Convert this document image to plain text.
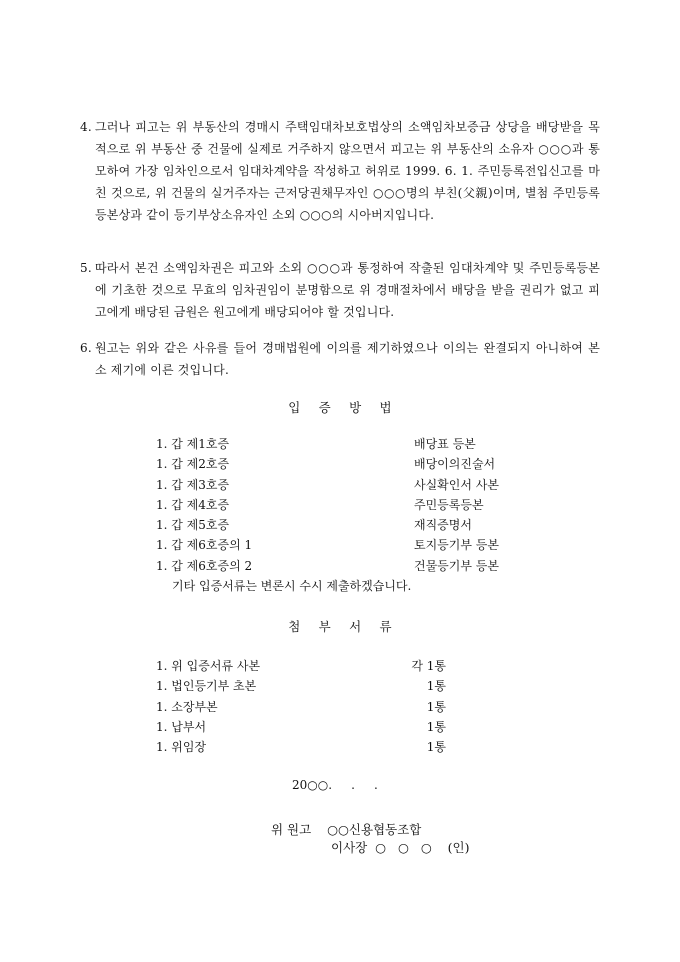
4. 그러나 피고는 위 부동산의 경매시 주택임대차보호법상의 소액임차보증금 상당을 배당받을 목적으로 위 부동산 중 건물에 실제로 거주하지 않으면서 피고는 위 부동산의 소유자 ○○○과 통모하여 가장 임차인으로서 임대차계약을 작성하고 허위로 1999. 6. 1. 주민등록전입신고를 마친 것으로, 위 건물의 실거주자는 근저당권채무자인 ○○○명의 부친(父親)이며, 별첨 주민등록등본상과 같이 등기부상소유자인 소외 ○○○의 시아버지입니다.
5. 따라서 본건 소액임차권은 피고와 소외 ○○○과 통정하여 작출된 임대차계약 및 주민등록등본에 기초한 것으로 무효의 임차권임이 분명함으로 위 경매절차에서 배당을 받을 권리가 없고 피고에게 배당된 금원은 원고에게 배당되어야 할 것입니다.
6. 원고는 위와 같은 사유를 들어 경매법원에 이의를 제기하였으나 이의는 완결되지 아니하여 본 소 제기에 이른 것입니다.
입 증 방 법
1. 갑 제1호증	배당표 등본
1. 갑 제2호증	배당이의진술서
1. 갑 제3호증	사실확인서 사본
1. 갑 제4호증	주민등록등본
1. 갑 제5호증	재직증명서
1. 갑 제6호증의 1	토지등기부 등본
1. 갑 제6호증의 2	건물등기부 등본
기타 입증서류는 변론시 수시 제출하겠습니다.
첨 부 서 류
1. 위 입증서류 사본	각 1통
1. 법인등기부 초본	1통
1. 소장부본	1통
1. 납부서	1통
1. 위임장	1통
20○○.     .     .
위 원고    ○○신용협동조합
이사장  ○   ○   ○    (인)
